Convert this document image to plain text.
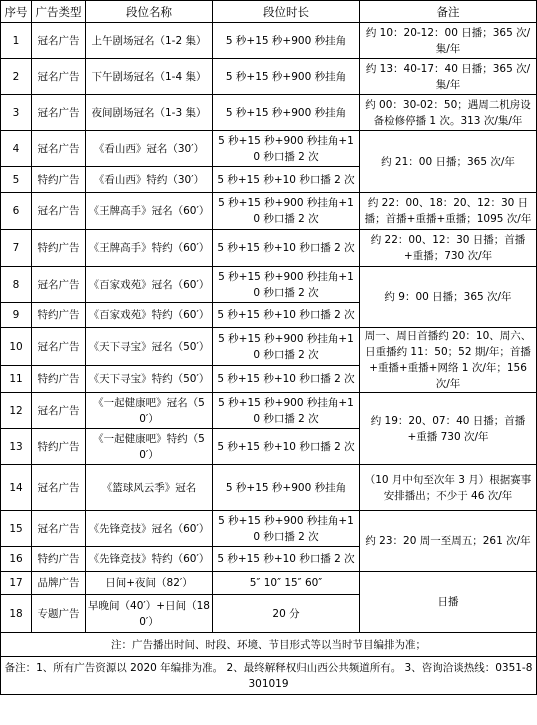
序号	广告类型	段位名称	段位时长	备注
1	冠名广告	上午剧场冠名（1-2 集）	5 秒+15 秒+900 秒挂角	约 10：20-12：00 日播；365 次/集/年
2	冠名广告	下午剧场冠名（1-4 集）	5 秒+15 秒+900 秒挂角	约 13：40-17：40 日播；365 次/集/年
3	冠名广告	夜间剧场冠名（1-3 集）	5 秒+15 秒+900 秒挂角	约 00：30-02：50；遇周二机房设备检修停播 1 次。313 次/集/年
4	冠名广告	《看山西》冠名（30′）	5 秒+15 秒+900 秒挂角+10 秒口播 2 次	约 21：00 日播；365 次/年
5	特约广告	《看山西》特约（30′）	5 秒+15 秒+10 秒口播 2 次	
6	冠名广告	《王牌高手》冠名（60′）	5 秒+15 秒+900 秒挂角+10 秒口播 2 次	约 22：00、18：20、12：30 日播；首播+重播+重播；1095 次/年
7	特约广告	《王牌高手》特约（60′）	5 秒+15 秒+10 秒口播 2 次	约 22：00、12：30 日播；首播+重播；730 次/年
8	冠名广告	《百家戏苑》冠名（60′）	5 秒+15 秒+900 秒挂角+10 秒口播 2 次	约 9：00 日播；365 次/年
9	特约广告	《百家戏苑》特约（60′）	5 秒+15 秒+10 秒口播 2 次	
10	冠名广告	《天下寻宝》冠名（50′）	5 秒+15 秒+900 秒挂角+10 秒口播 2 次	周一、周日首播约 20：10、周六、日重播约 11：50；52 期/年；首播+重播+重播+网络 1 次/年；156 次/年
11	特约广告	《天下寻宝》特约（50′）	5 秒+15 秒+10 秒口播 2 次	
12	冠名广告	《一起健康吧》冠名（50′）	5 秒+15 秒+900 秒挂角+10 秒口播 2 次	约 19：20、07：40 日播；首播+重播 730 次/年
13	特约广告	《一起健康吧》特约（50′）	5 秒+15 秒+10 秒口播 2 次	
14	冠名广告	《篮球风云季》冠名	5 秒+15 秒+900 秒挂角	（10 月中旬至次年 3 月）根据赛事安排播出；不少于 46 次/年
15	冠名广告	《先锋竞技》冠名（60′）	5 秒+15 秒+900 秒挂角+10 秒口播 2 次	约 23：20 周一至周五；261 次/年
16	特约广告	《先锋竞技》特约（60′）	5 秒+15 秒+10 秒口播 2 次	
17	品牌广告	日间+夜间（82′）	5″ 10″ 15″ 60″	日播
18	专题广告	早晚间（40′）+日间（180′）	20 分	
注：广告播出时间、时段、环境、节目形式等以当时节目编排为准；				
备注：1、所有广告资源以 2020 年编排为准。 2、最终解释权归山西公共频道所有。 3、咨询洽谈热线：0351-8301019				
